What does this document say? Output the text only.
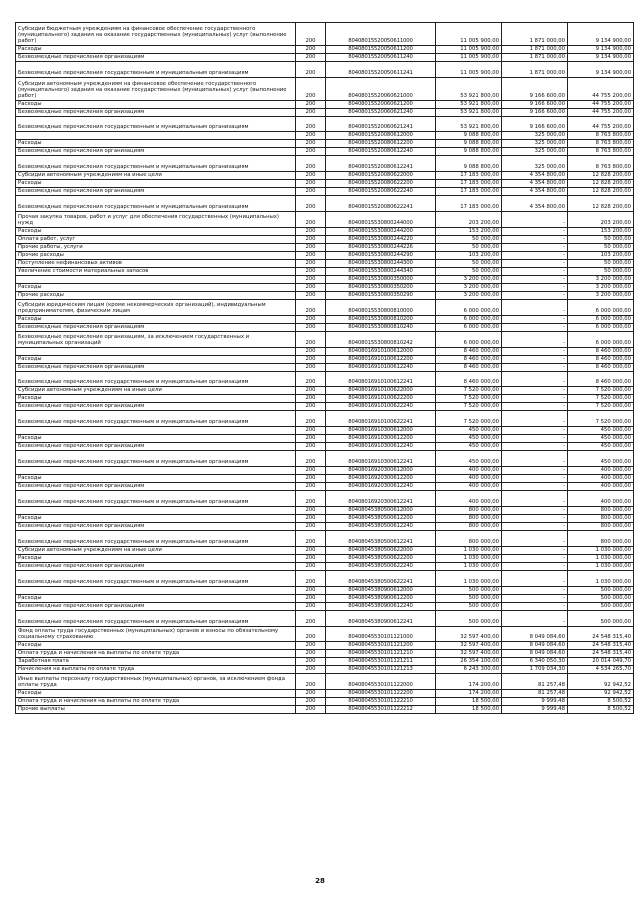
Субсидии бюджетным учреждениям на финансовое обеспечение государственного (муниципального) задания на оказание государственных (муниципальных) услуг (выполнение работ)	200	80408015520050611000	11 005 900,00	1 871 000,00	9 134 900,00
Расходы	200	80408015520050611200	11 005 900,00	1 871 000,00	9 134 900,00
Безвозмездные перечисления организациям	200	80408015520050611240	11 005 900,00	1 871 000,00	9 134 900,00
Безвозмездные перечисления государственным и муниципальным организациям	200	80408015520050611241	11 005 900,00	1 871 000,00	9 134 900,00
Субсидии автономным учреждениям на финансовое обеспечение государственного (муниципального) задания на оказание государственных (муниципальных) услуг (выполнение работ)	200	80408015520060621000	53 921 800,00	9 166 600,00	44 755 200,00
Расходы	200	80408015520060621200	53 921 800,00	9 166 600,00	44 755 200,00
Безвозмездные перечисления организациям	200	80408015520060621240	53 921 800,00	9 166 600,00	44 755 200,00
Безвозмездные перечисления государственным и муниципальным организациям	200	80408015520060621241	53 921 800,00	9 166 600,00	44 755 200,00
	200	80408015520080612000	9 088 800,00	325 000,00	8 763 800,00
Расходы	200	80408015520080612200	9 088 800,00	325 000,00	8 763 800,00
Безвозмездные перечисления организациям	200	80408015520080612240	9 088 800,00	325 000,00	8 763 800,00
Безвозмездные перечисления государственным и муниципальным организациям	200	80408015520080612241	9 088 800,00	325 000,00	8 763 800,00
Субсидии автономным учреждениям на иные цели	200	80408015520080622000	17 183 000,00	4 354 800,00	12 828 200,00
Расходы	200	80408015520080622200	17 183 000,00	4 354 800,00	12 828 200,00
Безвозмездные перечисления организациям	200	80408015520080622240	17 183 000,00	4 354 800,00	12 828 200,00
Безвозмездные перечисления государственным и муниципальным организациям	200	80408015520080622241	17 183 000,00	4 354 800,00	12 828 200,00
Прочая закупка товаров, работ и услуг для обеспечения государственных (муниципальных) нужд	200	80408015530800244000	203 200,00	-	203 200,00
Расходы	200	80408015530800244200	153 200,00	-	153 200,00
Оплата работ, услуг	200	80408015530800244220	50 000,00	-	50 000,00
Прочие работы, услуги	200	80408015530800244226	50 000,00	-	50 000,00
Прочие расходы	200	80408015530800244290	103 200,00	-	103 200,00
Поступление нефинансовых активов	200	80408015530800244300	50 000,00	-	50 000,00
Увеличение стоимости материальных запасов	200	80408015530800244340	50 000,00	-	50 000,00
	200	80408015530800350000	3 200 000,00	-	3 200 000,00
Расходы	200	80408015530800350200	3 200 000,00	-	3 200 000,00
Прочие расходы	200	80408015530800350290	3 200 000,00	-	3 200 000,00
Субсидии юридическим лицам (кроме некоммерческих организаций), индивидуальным предпринимателям, физическим лицам	200	80408015530800810000	6 000 000,00	-	6 000 000,00
Расходы	200	80408015530800810200	6 000 000,00	-	6 000 000,00
Безвозмездные перечисления организациям	200	80408015530800810240	6 000 000,00	-	6 000 000,00
Безвозмездные перечисления организациям, за исключением государственных и муниципальных организаций	200	80408015530800810242	6 000 000,00	-	6 000 000,00
	200	80408016910100612000	8 460 000,00	-	8 460 000,00
Расходы	200	80408016910100612200	8 460 000,00	-	8 460 000,00
Безвозмездные перечисления организациям	200	80408016910100612240	8 460 000,00	-	8 460 000,00
Безвозмездные перечисления государственным и муниципальным организациям	200	80408016910100612241	8 460 000,00	-	8 460 000,00
Субсидии автономным учреждениям на иные цели	200	80408016910100622000	7 520 000,00	-	7 520 000,00
Расходы	200	80408016910100622200	7 520 000,00	-	7 520 000,00
Безвозмездные перечисления организациям	200	80408016910100622240	7 520 000,00	-	7 520 000,00
Безвозмездные перечисления государственным и муниципальным организациям	200	80408016910100622241	7 520 000,00	-	7 520 000,00
	200	80408016910300612000	450 000,00	-	450 000,00
Расходы	200	80408016910300612200	450 000,00	-	450 000,00
Безвозмездные перечисления организациям	200	80408016910300612240	450 000,00	-	450 000,00
Безвозмездные перечисления государственным и муниципальным организациям	200	80408016910300612241	450 000,00	-	450 000,00
	200	80408016920300612000	400 000,00	-	400 000,00
Расходы	200	80408016920300612200	400 000,00	-	400 000,00
Безвозмездные перечисления организациям	200	80408016920300612240	400 000,00	-	400 000,00
Безвозмездные перечисления государственным и муниципальным организациям	200	80408016920300612241	400 000,00	-	400 000,00
	200	80408045380500612000	800 000,00	-	800 000,00
Расходы	200	80408045380500612200	800 000,00	-	800 000,00
Безвозмездные перечисления организациям	200	80408045380500612240	800 000,00	-	800 000,00
Безвозмездные перечисления государственным и муниципальным организациям	200	80408045380500612241	800 000,00	-	800 000,00
Субсидии автономным учреждениям на иные цели	200	80408045380500622000	1 030 000,00	-	1 030 000,00
Расходы	200	80408045380500622200	1 030 000,00	-	1 030 000,00
Безвозмездные перечисления организациям	200	80408045380500622240	1 030 000,00	-	1 030 000,00
Безвозмездные перечисления государственным и муниципальным организациям	200	80408045380500622241	1 030 000,00	-	1 030 000,00
	200	80408045380900612000	500 000,00	-	500 000,00
Расходы	200	80408045380900612200	500 000,00	-	500 000,00
Безвозмездные перечисления организациям	200	80408045380900612240	500 000,00	-	500 000,00
Безвозмездные перечисления государственным и муниципальным организациям	200	80408045380900612241	500 000,00	-	500 000,00
Фонд оплаты труда государственных (муниципальных) органов и взносы по обязательному социальному страхованию	200	80408045530101121000	32 597 400,00	8 049 084,60	24 548 315,40
Расходы	200	80408045530101121200	32 597 400,00	8 049 084,60	24 548 315,40
Оплата труда и начисления на выплаты по оплате труда	200	80408045530101121210	32 597 400,00	8 049 084,60	24 548 315,40
Заработная плата	200	80408045530101121211	26 354 100,00	6 340 050,30	20 014 049,70
Начисления на выплаты по оплате труда	200	80408045530101121213	6 243 300,00	1 709 034,30	4 534 265,70
Иные выплаты персоналу государственных (муниципальных) органов, за исключением фонда оплаты труда	200	80408045530101122000	174 200,00	81 257,48	92 942,52
Расходы	200	80408045530101122200	174 200,00	81 257,48	92 942,52
Оплата труда и начисления на выплаты по оплате труда	200	80408045530101122210	18 500,00	9 999,48	8 500,52
Прочие выплаты	200	80408045530101122212	18 500,00	9 999,48	8 500,52
28
